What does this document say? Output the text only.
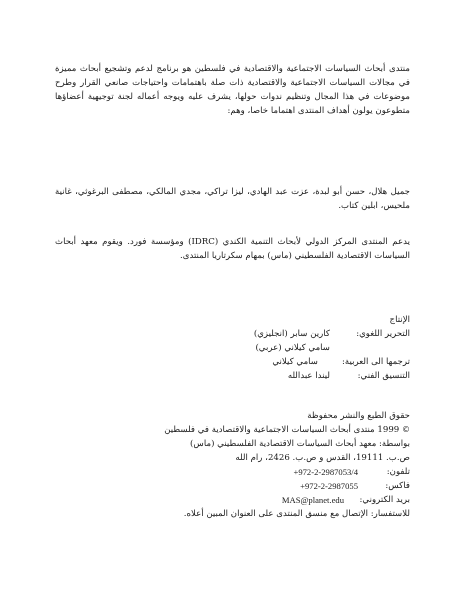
منتدى أبحاث السياسات الاجتماعية والاقتصادية في فلسطين هو برنامج لدعم وتشجيع أبحاث مميزة في مجالات السياسات الاجتماعية والاقتصادية ذات صلة باهتمامات واحتياجات صانعي القرار وطرح موضوعات في هذا المجال وتنظيم ندوات حولها، يشرف عليه ويوجه أعماله لجنة توجيهية أعضاؤها متطوعون يولون أهداف المنتدى اهتماما خاصا، وهم:

جميل هلال، حسن أبو لبدة، عزت عبد الهادي، ليزا تراكي، مجدي المالكي، مصطفى البرغوثي، غانية ملحيس، ابلين كتاب.

يدعم المنتدى المركز الدولي لأبحاث التنمية الكندي (IDRC) ومؤسسة فورد. ويقوم معهد أبحاث السياسات الاقتصادية الفلسطيني (ماس) بمهام سكرتاريا المنتدى.

الإنتاج
التحرير اللغوي:
كارين سابر (انجليزي)
سامي كيلاني (عربي)
ترجمها الى العربية:
سامي كيلاني
التنسيق الفني:
ليندا عبدالله
حقوق الطبع والنشر محفوظة
© 1999 منتدى أبحاث السياسات الاجتماعية والاقتصادية في فلسطين
بواسطة: معهد أبحاث السياسات الاقتصادية الفلسطيني (ماس)
ص.ب. 19111، القدس و ص.ب. 2426، رام الله
تلفون:
+972-2-2987053/4
فاكس:
+972-2-2987055
بريد الكتروني:
MAS@planet.edu
للاستفسار: الإتصال مع منسق المنتدى على العنوان المبين أعلاه.
